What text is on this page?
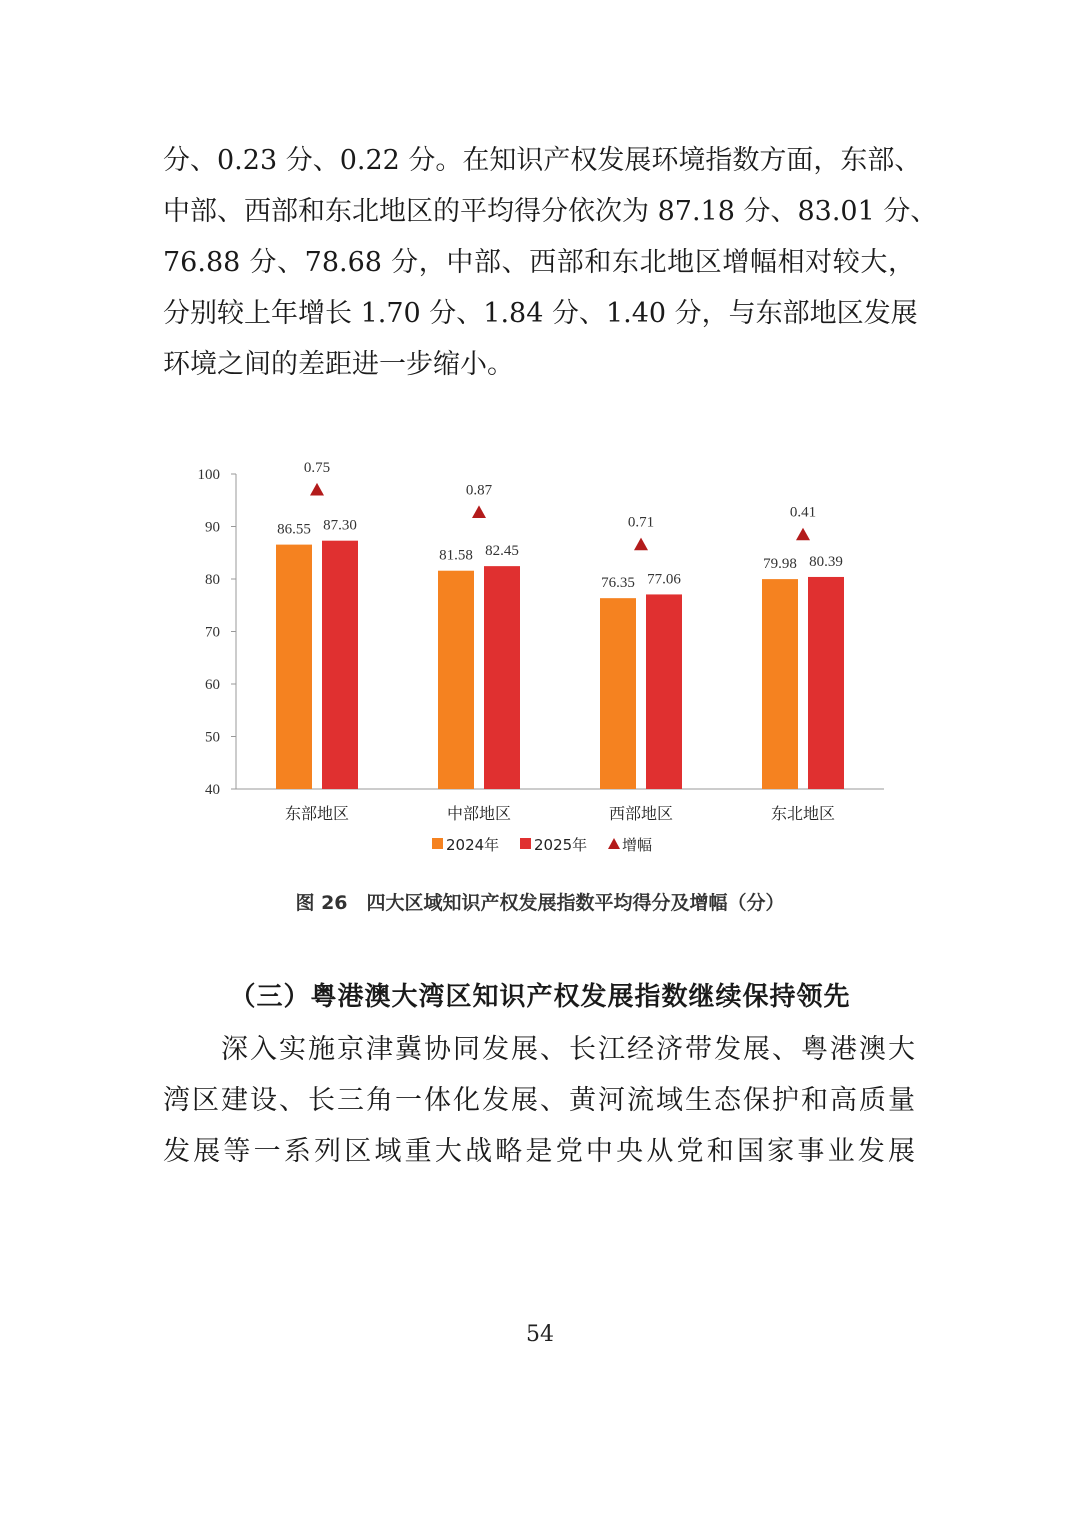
分、0.23 分、0.22 分。在知识产权发展环境指数方面，东部、
中部、西部和东北地区的平均得分依次为 87.18 分、83.01 分、
76.88 分、78.68 分，中部、西部和东北地区增幅相对较大，
分别较上年增长 1.70 分、1.84 分、1.40 分，与东部地区发展
环境之间的差距进一步缩小。
100
90
80
70
60
50
40
86.55 87.30
0.75
东部地区
81.58 82.45
0.87
中部地区
76.35 77.06
0.71
西部地区
79.98 80.39
0.41
东北地区
2024年 2025年 增幅
图 26　四大区域知识产权发展指数平均得分及增幅（分）
（三）粤港澳大湾区知识产权发展指数继续保持领先
　　深入实施京津冀协同发展、长江经济带发展、粤港澳大
湾区建设、长三角一体化发展、黄河流域生态保护和高质量
发展等一系列区域重大战略是党中央从党和国家事业发展
54
